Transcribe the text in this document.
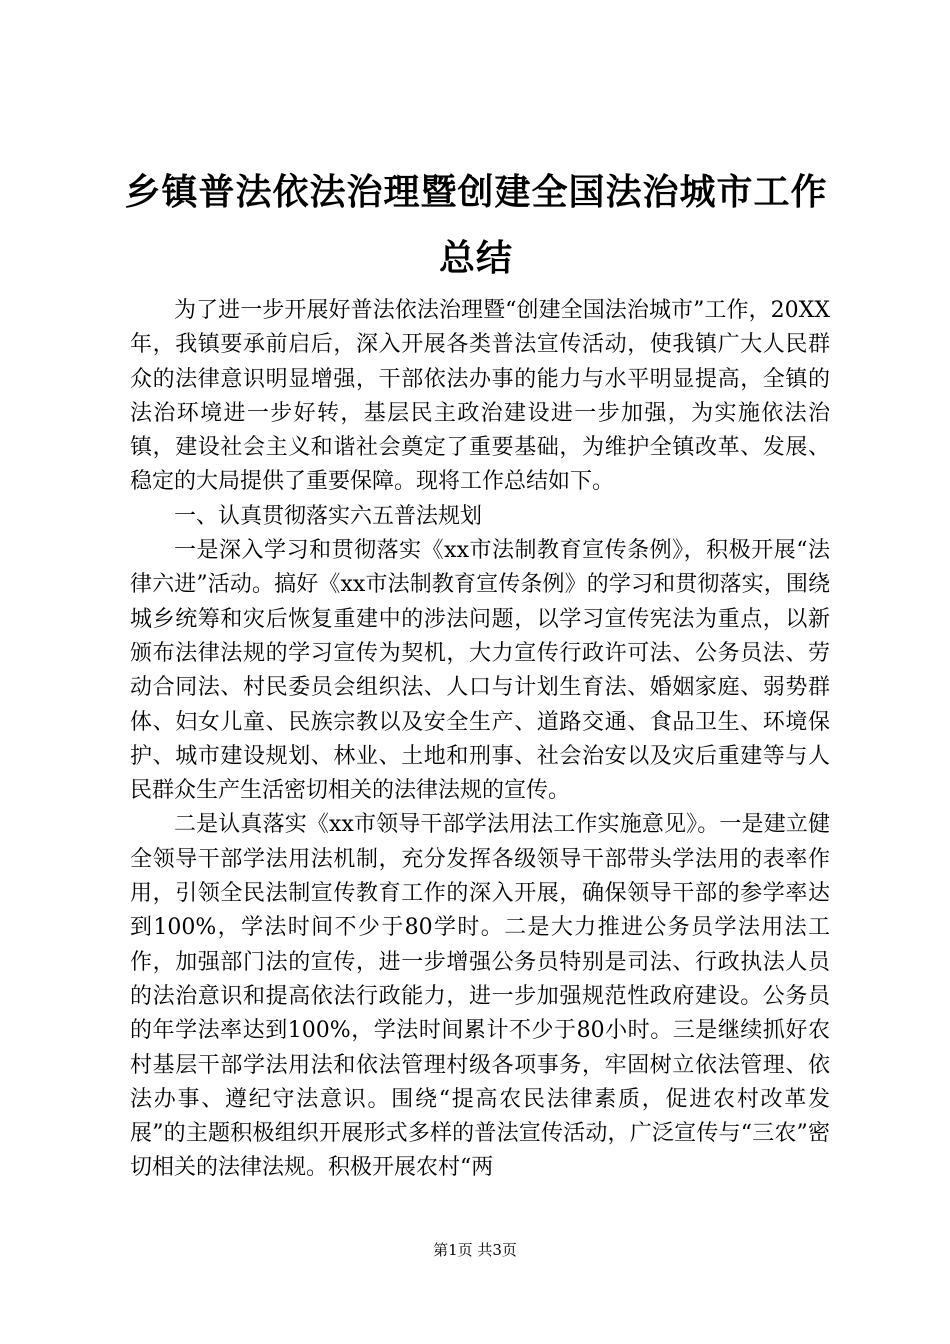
乡镇普法依法治理暨创建全国法治城市工作总结

为了进一步开展好普法依法治理暨“创建全国法治城市”工作，20XX年，我镇要承前启后，深入开展各类普法宣传活动，使我镇广大人民群众的法律意识明显增强，干部依法办事的能力与水平明显提高，全镇的法治环境进一步好转，基层民主政治建设进一步加强，为实施依法治镇，建设社会主义和谐社会奠定了重要基础，为维护全镇改革、发展、稳定的大局提供了重要保障。现将工作总结如下。

一、认真贯彻落实六五普法规划

一是深入学习和贯彻落实《xx市法制教育宣传条例》，积极开展“法律六进”活动。搞好《xx市法制教育宣传条例》的学习和贯彻落实，围绕城乡统筹和灾后恢复重建中的涉法问题，以学习宣传宪法为重点，以新颁布法律法规的学习宣传为契机，大力宣传行政许可法、公务员法、劳动合同法、村民委员会组织法、人口与计划生育法、婚姻家庭、弱势群体、妇女儿童、民族宗教以及安全生产、道路交通、食品卫生、环境保护、城市建设规划、林业、土地和刑事、社会治安以及灾后重建等与人民群众生产生活密切相关的法律法规的宣传。

二是认真落实《xx市领导干部学法用法工作实施意见》。一是建立健全领导干部学法用法机制，充分发挥各级领导干部带头学法用的表率作用，引领全民法制宣传教育工作的深入开展，确保领导干部的参学率达到100%，学法时间不少于80学时。二是大力推进公务员学法用法工作，加强部门法的宣传，进一步增强公务员特别是司法、行政执法人员的法治意识和提高依法行政能力，进一步加强规范性政府建设。公务员的年学法率达到100%，学法时间累计不少于80小时。三是继续抓好农村基层干部学法用法和依法管理村级各项事务，牢固树立依法管理、依法办事、遵纪守法意识。围绕“提高农民法律素质，促进农村改革发展”的主题积极组织开展形式多样的普法宣传活动，广泛宣传与“三农”密切相关的法律法规。积极开展农村“两

第1页 共3页
